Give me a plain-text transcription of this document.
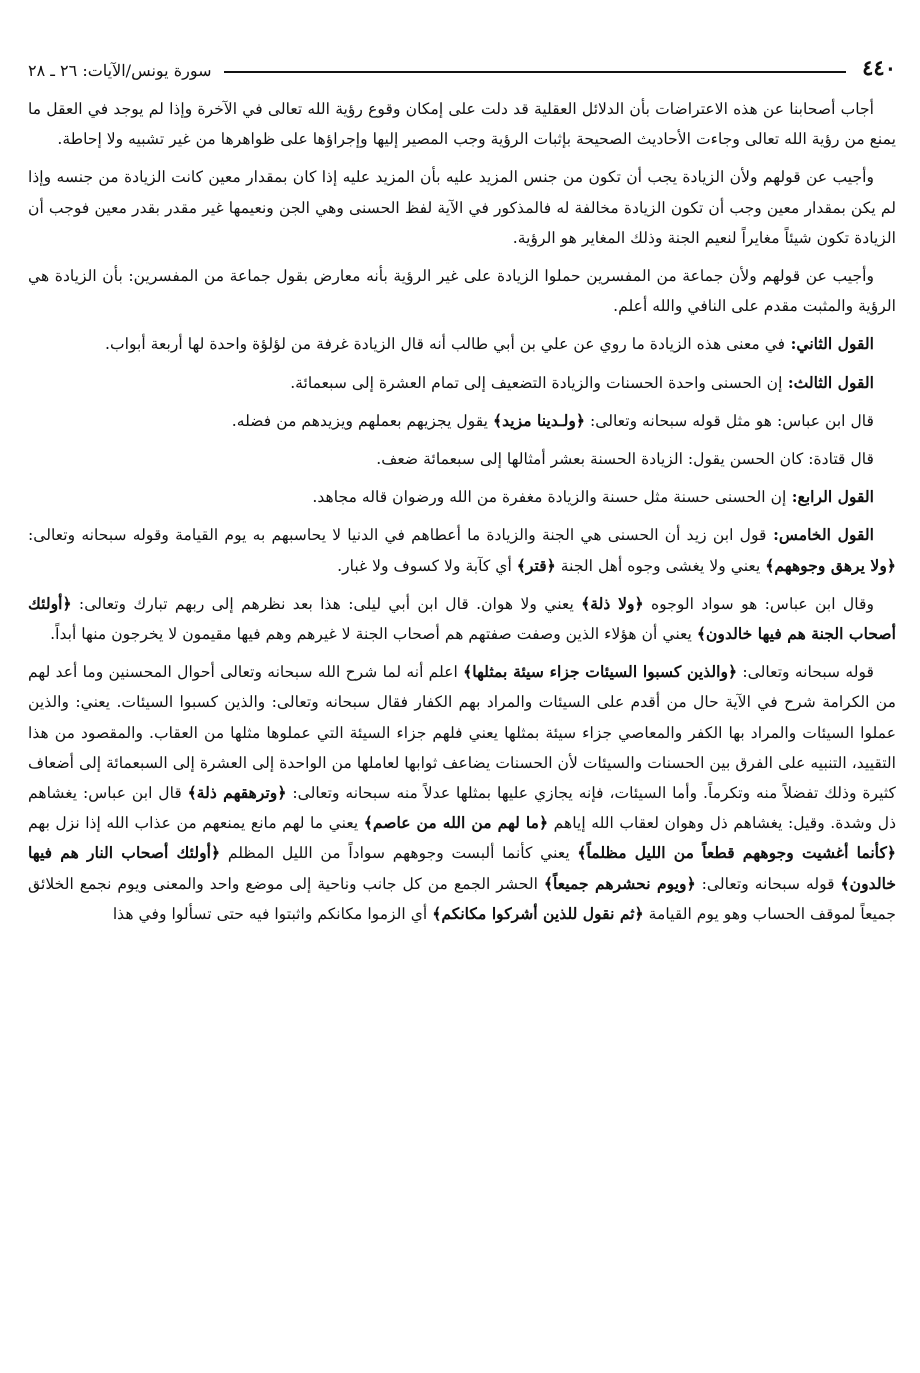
٤٤٠
سورة يونس/الآيات: ٢٦ ـ ٢٨

أجاب أصحابنا عن هذه الاعتراضات بأن الدلائل العقلية قد دلت على إمكان وقوع رؤية الله تعالى في الآخرة وإذا لم يوجد في العقل ما يمنع من رؤية الله تعالى وجاءت الأحاديث الصحيحة بإثبات الرؤية وجب المصير إليها وإجراؤها على ظواهرها من غير تشبيه ولا إحاطة.

وأجيب عن قولهم ولأن الزيادة يجب أن تكون من جنس المزيد عليه بأن المزيد عليه إذا كان بمقدار معين كانت الزيادة من جنسه وإذا لم يكن بمقدار معين وجب أن تكون الزيادة مخالفة له فالمذكور في الآية لفظ الحسنى وهي الجن ونعيمها غير مقدر بقدر معين فوجب أن الزيادة تكون شيئاً مغايراً لنعيم الجنة وذلك المغاير هو الرؤية.

وأجيب عن قولهم ولأن جماعة من المفسرين حملوا الزيادة على غير الرؤية بأنه معارض بقول جماعة من المفسرين: بأن الزيادة هي الرؤية والمثبت مقدم على النافي والله أعلم.

القول الثاني: في معنى هذه الزيادة ما روي عن علي بن أبي طالب أنه قال الزيادة غرفة من لؤلؤة واحدة لها أربعة أبواب.

القول الثالث: إن الحسنى واحدة الحسنات والزيادة التضعيف إلى تمام العشرة إلى سبعمائة.

قال ابن عباس: هو مثل قوله سبحانه وتعالى: ﴿ولـدينا مزيد﴾ يقول يجزيهم بعملهم ويزيدهم من فضله.

قال قتادة: كان الحسن يقول: الزيادة الحسنة بعشر أمثالها إلى سبعمائة ضعف.

القول الرابع: إن الحسنى حسنة مثل حسنة والزيادة مغفرة من الله ورضوان قاله مجاهد.

القول الخامس: قول ابن زيد أن الحسنى هي الجنة والزيادة ما أعطاهم في الدنيا لا يحاسبهم به يوم القيامة وقوله سبحانه وتعالى: ﴿ولا يرهق وجوههم﴾ يعني ولا يغشى وجوه أهل الجنة ﴿قتر﴾ أي كآبة ولا كسوف ولا غبار.

وقال ابن عباس: هو سواد الوجوه ﴿ولا ذلة﴾ يعني ولا هوان. قال ابن أبي ليلى: هذا بعد نظرهم إلى ربهم تبارك وتعالى: ﴿أولئك أصحاب الجنة هم فيها خالدون﴾ يعني أن هؤلاء الذين وصفت صفتهم هم أصحاب الجنة لا غيرهم وهم فيها مقيمون لا يخرجون منها أبداً.

قوله سبحانه وتعالى: ﴿والذين كسبوا السيئات جزاء سيئة بمثلها﴾ اعلم أنه لما شرح الله سبحانه وتعالى أحوال المحسنين وما أعد لهم من الكرامة شرح في الآية حال من أقدم على السيئات والمراد بهم الكفار فقال سبحانه وتعالى: والذين كسبوا السيئات. يعني: والذين عملوا السيئات والمراد بها الكفر والمعاصي جزاء سيئة بمثلها يعني فلهم جزاء السيئة التي عملوها مثلها من العقاب. والمقصود من هذا التقييد، التنبيه على الفرق بين الحسنات والسيئات لأن الحسنات يضاعف ثوابها لعاملها من الواحدة إلى العشرة إلى السبعمائة إلى أضعاف كثيرة وذلك تفضلاً منه وتكرماً. وأما السيئات، فإنه يجازي عليها بمثلها عدلاً منه سبحانه وتعالى: ﴿وترهقهم ذلة﴾ قال ابن عباس: يغشاهم ذل وشدة. وقيل: يغشاهم ذل وهوان لعقاب الله إياهم ﴿ما لهم من الله من عاصم﴾ يعني ما لهم مانع يمنعهم من عذاب الله إذا نزل بهم ﴿كأنما أغشيت وجوههم قطعاً من الليل مظلماً﴾ يعني كأنما ألبست وجوههم سواداً من الليل المظلم ﴿أولئك أصحاب النار هم فيها خالدون﴾ قوله سبحانه وتعالى: ﴿ويوم نحشرهم جميعاً﴾ الحشر الجمع من كل جانب وناحية إلى موضع واحد والمعنى ويوم نجمع الخلائق جميعاً لموقف الحساب وهو يوم القيامة ﴿ثم نقول للذين أشركوا مكانكم﴾ أي الزموا مكانكم واثبتوا فيه حتى تسألوا وفي هذا
